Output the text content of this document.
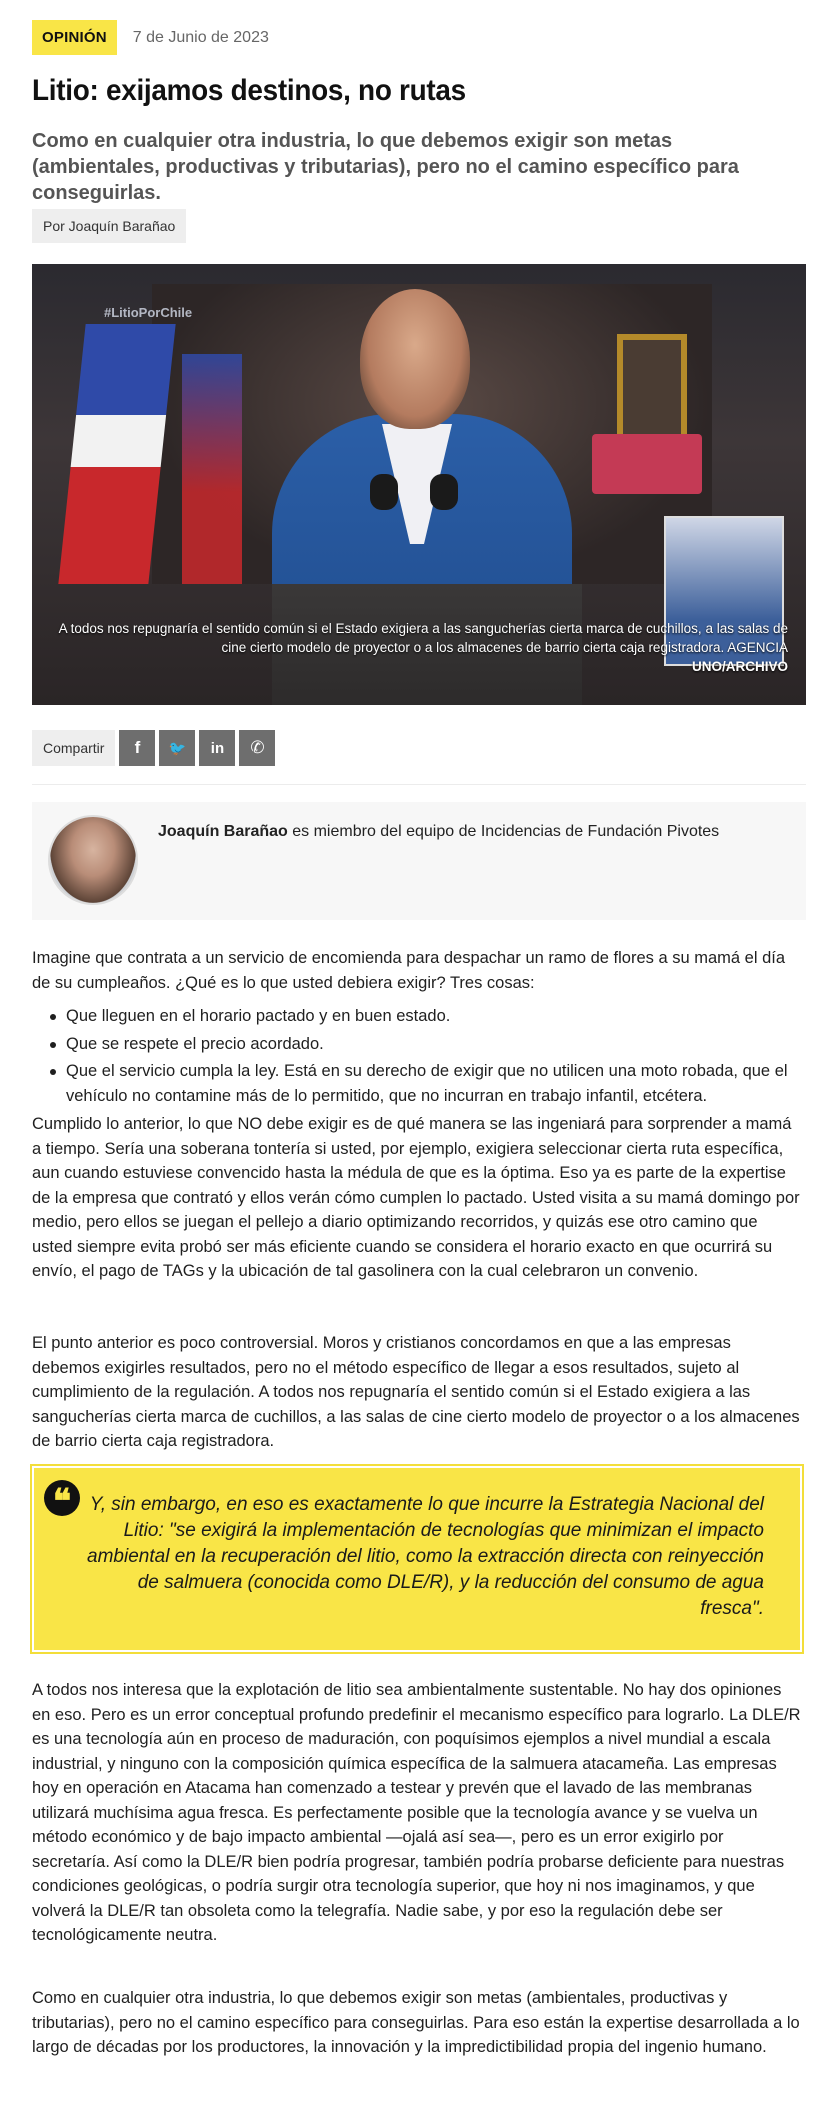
OPINIÓN	7 de Junio de 2023
Litio: exijamos destinos, no rutas
Como en cualquier otra industria, lo que debemos exigir son metas (ambientales, productivas y tributarias), pero no el camino específico para conseguirlas.
Por Joaquín Barañao
#LitioPorChile
A todos nos repugnaría el sentido común si el Estado exigiera a las sangucherías cierta marca de cuchillos, a las salas de cine cierto modelo de proyector o a los almacenes de barrio cierta caja registradora. AGENCIA
UNO/ARCHIVO
Compartir	f	🐦	in	✆

Joaquín Barañao es miembro del equipo de Incidencias de Fundación Pivotes

Imagine que contrata a un servicio de encomienda para despachar un ramo de flores a su mamá el día de su cumpleaños. ¿Qué es lo que usted debiera exigir? Tres cosas:

Que lleguen en el horario pactado y en buen estado.
Que se respete el precio acordado.
Que el servicio cumpla la ley. Está en su derecho de exigir que no utilicen una moto robada, que el vehículo no contamine más de lo permitido, que no incurran en trabajo infantil, etcétera.

Cumplido lo anterior, lo que NO debe exigir es de qué manera se las ingeniará para sorprender a mamá a tiempo. Sería una soberana tontería si usted, por ejemplo, exigiera seleccionar cierta ruta específica, aun cuando estuviese convencido hasta la médula de que es la óptima. Eso ya es parte de la expertise de la empresa que contrató y ellos verán cómo cumplen lo pactado. Usted visita a su mamá domingo por medio, pero ellos se juegan el pellejo a diario optimizando recorridos, y quizás ese otro camino que usted siempre evita probó ser más eficiente cuando se considera el horario exacto en que ocurrirá su envío, el pago de TAGs y la ubicación de tal gasolinera con la cual celebraron un convenio.

El punto anterior es poco controversial. Moros y cristianos concordamos en que a las empresas debemos exigirles resultados, pero no el método específico de llegar a esos resultados, sujeto al cumplimiento de la regulación. A todos nos repugnaría el sentido común si el Estado exigiera a las sangucherías cierta marca de cuchillos, a las salas de cine cierto modelo de proyector o a los almacenes de barrio cierta caja registradora.

❝ Y, sin embargo, en eso es exactamente lo que incurre la Estrategia Nacional del Litio: "se exigirá la implementación de tecnologías que minimizan el impacto ambiental en la recuperación del litio, como la extracción directa con reinyección de salmuera (conocida como DLE/R), y la reducción del consumo de agua fresca".

A todos nos interesa que la explotación de litio sea ambientalmente sustentable. No hay dos opiniones en eso. Pero es un error conceptual profundo predefinir el mecanismo específico para lograrlo. La DLE/R es una tecnología aún en proceso de maduración, con poquísimos ejemplos a nivel mundial a escala industrial, y ninguno con la composición química específica de la salmuera atacameña. Las empresas hoy en operación en Atacama han comenzado a testear y prevén que el lavado de las membranas utilizará muchísima agua fresca. Es perfectamente posible que la tecnología avance y se vuelva un método económico y de bajo impacto ambiental —ojalá así sea—, pero es un error exigirlo por secretaría. Así como la DLE/R bien podría progresar, también podría probarse deficiente para nuestras condiciones geológicas, o podría surgir otra tecnología superior, que hoy ni nos imaginamos, y que volverá la DLE/R tan obsoleta como la telegrafía. Nadie sabe, y por eso la regulación debe ser tecnológicamente neutra.

Como en cualquier otra industria, lo que debemos exigir son metas (ambientales, productivas y tributarias), pero no el camino específico para conseguirlas. Para eso están la expertise desarrollada a lo largo de décadas por los productores, la innovación y la impredictibilidad propia del ingenio humano.
